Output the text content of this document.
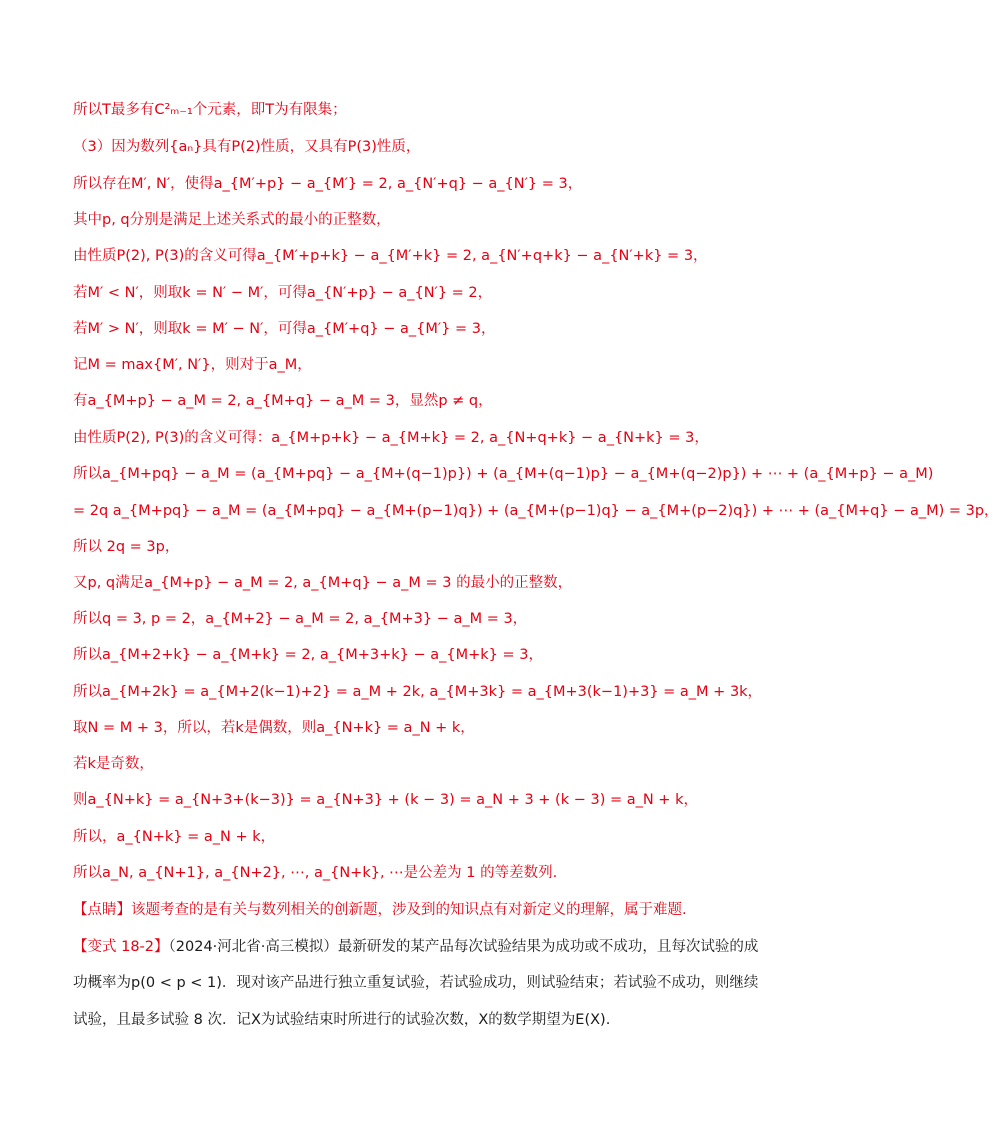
所以T最多有C²ₘ₋₁个元素，即T为有限集；
（3）因为数列{aₙ}具有P(2)性质，又具有P(3)性质，
所以存在M′, N′，使得a_{M′+p} − a_{M′} = 2, a_{N′+q} − a_{N′} = 3，
其中p, q分别是满足上述关系式的最小的正整数，
由性质P(2), P(3)的含义可得a_{M′+p+k} − a_{M′+k} = 2, a_{N′+q+k} − a_{N′+k} = 3，
若M′ < N′，则取k = N′ − M′，可得a_{N′+p} − a_{N′} = 2，
若M′ > N′，则取k = M′ − N′，可得a_{M′+q} − a_{M′} = 3，
记M = max{M′, N′}，则对于a_M，
有a_{M+p} − a_M = 2, a_{M+q} − a_M = 3，显然p ≠ q，
由性质P(2), P(3)的含义可得：a_{M+p+k} − a_{M+k} = 2, a_{N+q+k} − a_{N+k} = 3，
所以a_{M+pq} − a_M = (a_{M+pq} − a_{M+(q−1)p}) + (a_{M+(q−1)p} − a_{M+(q−2)p}) + ⋯ + (a_{M+p} − a_M)
= 2q a_{M+pq} − a_M = (a_{M+pq} − a_{M+(p−1)q}) + (a_{M+(p−1)q} − a_{M+(p−2)q}) + ⋯ + (a_{M+q} − a_M) = 3p，
所以 2q = 3p，
又p, q满足a_{M+p} − a_M = 2, a_{M+q} − a_M = 3 的最小的正整数，
所以q = 3, p = 2，a_{M+2} − a_M = 2, a_{M+3} − a_M = 3，
所以a_{M+2+k} − a_{M+k} = 2, a_{M+3+k} − a_{M+k} = 3，
所以a_{M+2k} = a_{M+2(k−1)+2} = a_M + 2k, a_{M+3k} = a_{M+3(k−1)+3} = a_M + 3k，
取N = M + 3，所以，若k是偶数，则a_{N+k} = a_N + k，
若k是奇数，
则a_{N+k} = a_{N+3+(k−3)} = a_{N+3} + (k − 3) = a_N + 3 + (k − 3) = a_N + k，
所以，a_{N+k} = a_N + k，
所以a_N, a_{N+1}, a_{N+2}, ⋯, a_{N+k}, ⋯是公差为 1 的等差数列.
【点睛】该题考查的是有关与数列相关的创新题，涉及到的知识点有对新定义的理解，属于难题.
【变式 18-2】（2024·河北省·高三模拟）最新研发的某产品每次试验结果为成功或不成功，且每次试验的成
功概率为p(0 < p < 1)．现对该产品进行独立重复试验，若试验成功，则试验结束；若试验不成功，则继续
试验，且最多试验 8 次．记X为试验结束时所进行的试验次数，X的数学期望为E(X).
